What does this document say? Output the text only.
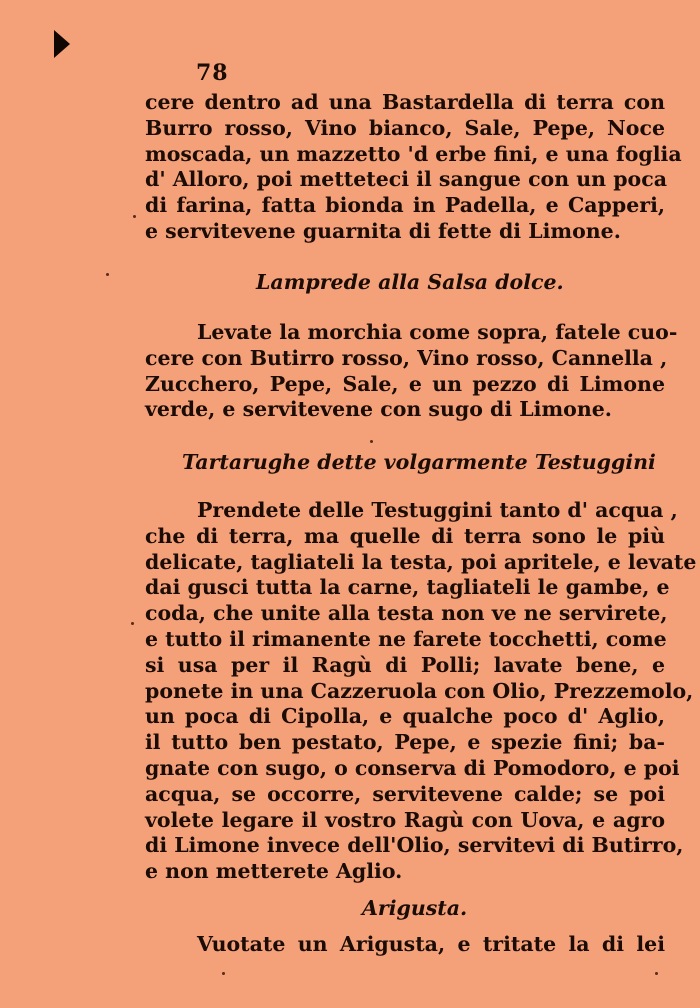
78
cere dentro ad una Bastardella di terra con
Burro rosso, Vino bianco, Sale, Pepe, Noce
moscada, un mazzetto 'd erbe fini, e una foglia
d' Alloro, poi metteteci il sangue con un poca
di farina, fatta bionda in Padella, e Capperi,
e servitevene guarnita di fette di Limone.
Lamprede alla Salsa dolce.
Levate la morchia come sopra, fatele cuo-
cere con Butirro rosso, Vino rosso, Cannella ,
Zucchero, Pepe, Sale, e un pezzo di Limone
verde, e servitevene con sugo di Limone.
Tartarughe dette volgarmente Testuggini
Prendete delle Testuggini tanto d' acqua ,
che di terra, ma quelle di terra sono le più
delicate, tagliateli la testa, poi apritele, e levate
dai gusci tutta la carne, tagliateli le gambe, e
coda, che unite alla testa non ve ne servirete,
e tutto il rimanente ne farete tocchetti, come
si usa per il Ragù di Polli; lavate bene, e
ponete in una Cazzeruola con Olio, Prezzemolo,
un poca di Cipolla, e qualche poco d' Aglio,
il tutto ben pestato, Pepe, e spezie fini; ba-
gnate con sugo, o conserva di Pomodoro, e poi
acqua, se occorre, servitevene calde; se poi
volete legare il vostro Ragù con Uova, e agro
di Limone invece dell'Olio, servitevi di Butirro,
e non metterete Aglio.
Arigusta.
Vuotate un Arigusta, e tritate la di lei
